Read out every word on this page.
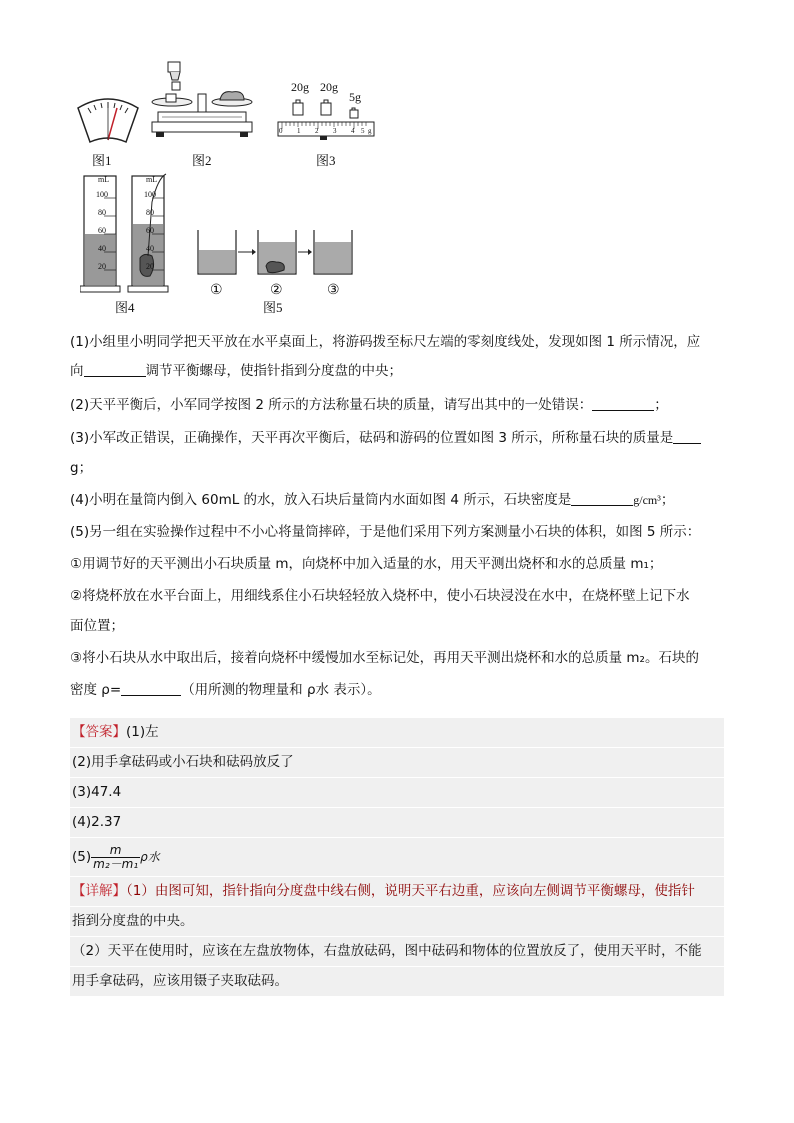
图1	图2
20g 20g
5g
0 1 2 3 4 5 g
图3
mL	mL
100
80
60
40
20
100
80
60
40
20
图4
①	②	③
图5
(1)小组里小明同学把天平放在水平桌面上，将游码拨至标尺左端的零刻度线处，发现如图 1 所示情况，应
向	调节平衡螺母，使指针指到分度盘的中央；
(2)天平平衡后，小军同学按图 2 所示的方法称量石块的质量，请写出其中的一处错误：	；
(3)小军改正错误，正确操作，天平再次平衡后，砝码和游码的位置如图 3 所示，所称量石块的质量是
g；
(4)小明在量筒内倒入 60mL 的水，放入石块后量筒内水面如图 4 所示，石块密度是	g/cm³；
(5)另一组在实验操作过程中不小心将量筒摔碎，于是他们采用下列方案测量小石块的体积，如图 5 所示：
①用调节好的天平测出小石块质量 m，向烧杯中加入适量的水，用天平测出烧杯和水的总质量 m₁；
②将烧杯放在水平台面上，用细线系住小石块轻轻放入烧杯中，使小石块浸没在水中，在烧杯壁上记下水
面位置；
③将小石块从水中取出后，接着向烧杯中缓慢加水至标记处，再用天平测出烧杯和水的总质量 m₂。石块的
密度 ρ=	（用所测的物理量和 ρ水 表示）。
【答案】(1)左
(2)用手拿砝码或小石块和砝码放反了
(3)47.4
(4)2.37
$(5) \frac{m}{\text{m₂－m₁}}$ ρ水
【详解】（1）由图可知，指针指向分度盘中线右侧，说明天平右边重，应该向左侧调节平衡螺母，使指针
指到分度盘的中央。
（2）天平在使用时，应该在左盘放物体，右盘放砝码，图中砝码和物体的位置放反了，使用天平时，不能
用手拿砝码，应该用镊子夹取砝码。
